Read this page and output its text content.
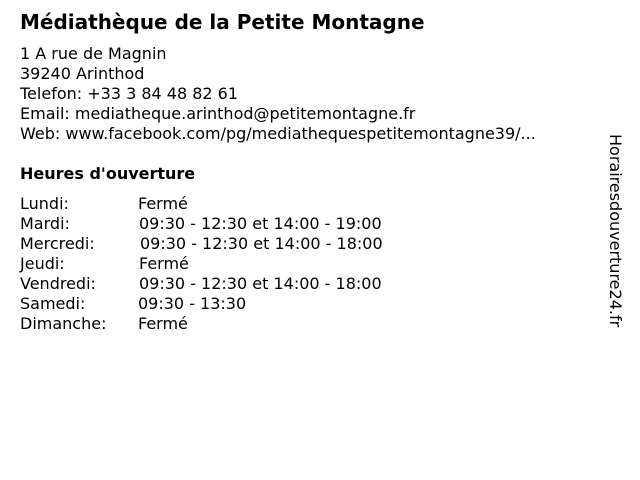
Médiathèque de la Petite Montagne
1 A rue de Magnin
39240 Arinthod
Telefon: +33 3 84 48 82 61
Email: mediatheque.arinthod@petitemontagne.fr
Web: www.facebook.com/pg/mediathequespetitemontagne39/...
Heures d'ouverture
Lundi:	Fermé
Mardi:	09:30 - 12:30 et 14:00 - 19:00
Mercredi:	09:30 - 12:30 et 14:00 - 18:00
Jeudi:	Fermé
Vendredi:	09:30 - 12:30 et 14:00 - 18:00
Samedi:	09:30 - 13:30
Dimanche: Fermé	Horairesdouverture24.fr
